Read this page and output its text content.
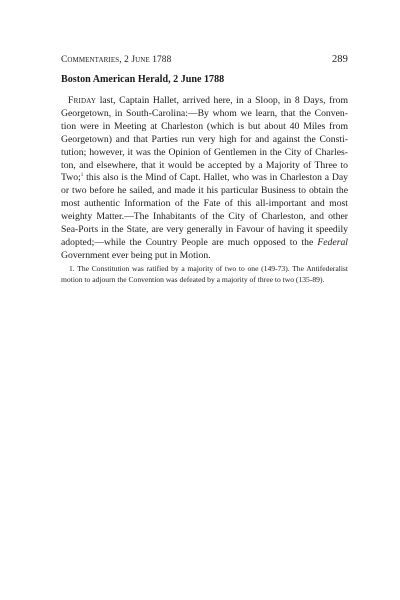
Commentaries, 2 June 1788	289
Boston American Herald, 2 June 1788

Friday last, Captain Hallet, arrived here, in a Sloop, in 8 Days, from Georgetown, in South-Carolina:—By whom we learn, that the Convention were in Meeting at Charleston (which is but about 40 Miles from Georgetown) and that Parties run very high for and against the Constitution; however, it was the Opinion of Gentlemen in the City of Charleston, and elsewhere, that it would be accepted by a Majority of Three to Two;$^1$ this also is the Mind of Capt. Hallet, who was in Charleston a Day or two before he sailed, and made it his particular Business to obtain the most authentic Information of the Fate of this all-important and most weighty Matter.—The Inhabitants of the City of Charleston, and other Sea-Ports in the State, are very generally in Favour of having it speedily adopted;—while the Country People are much opposed to the Federal Government ever being put in Motion.

1. The Constitution was ratified by a majority of two to one (149-73). The Antifederalist motion to adjourn the Convention was defeated by a majority of three to two (135-89).
